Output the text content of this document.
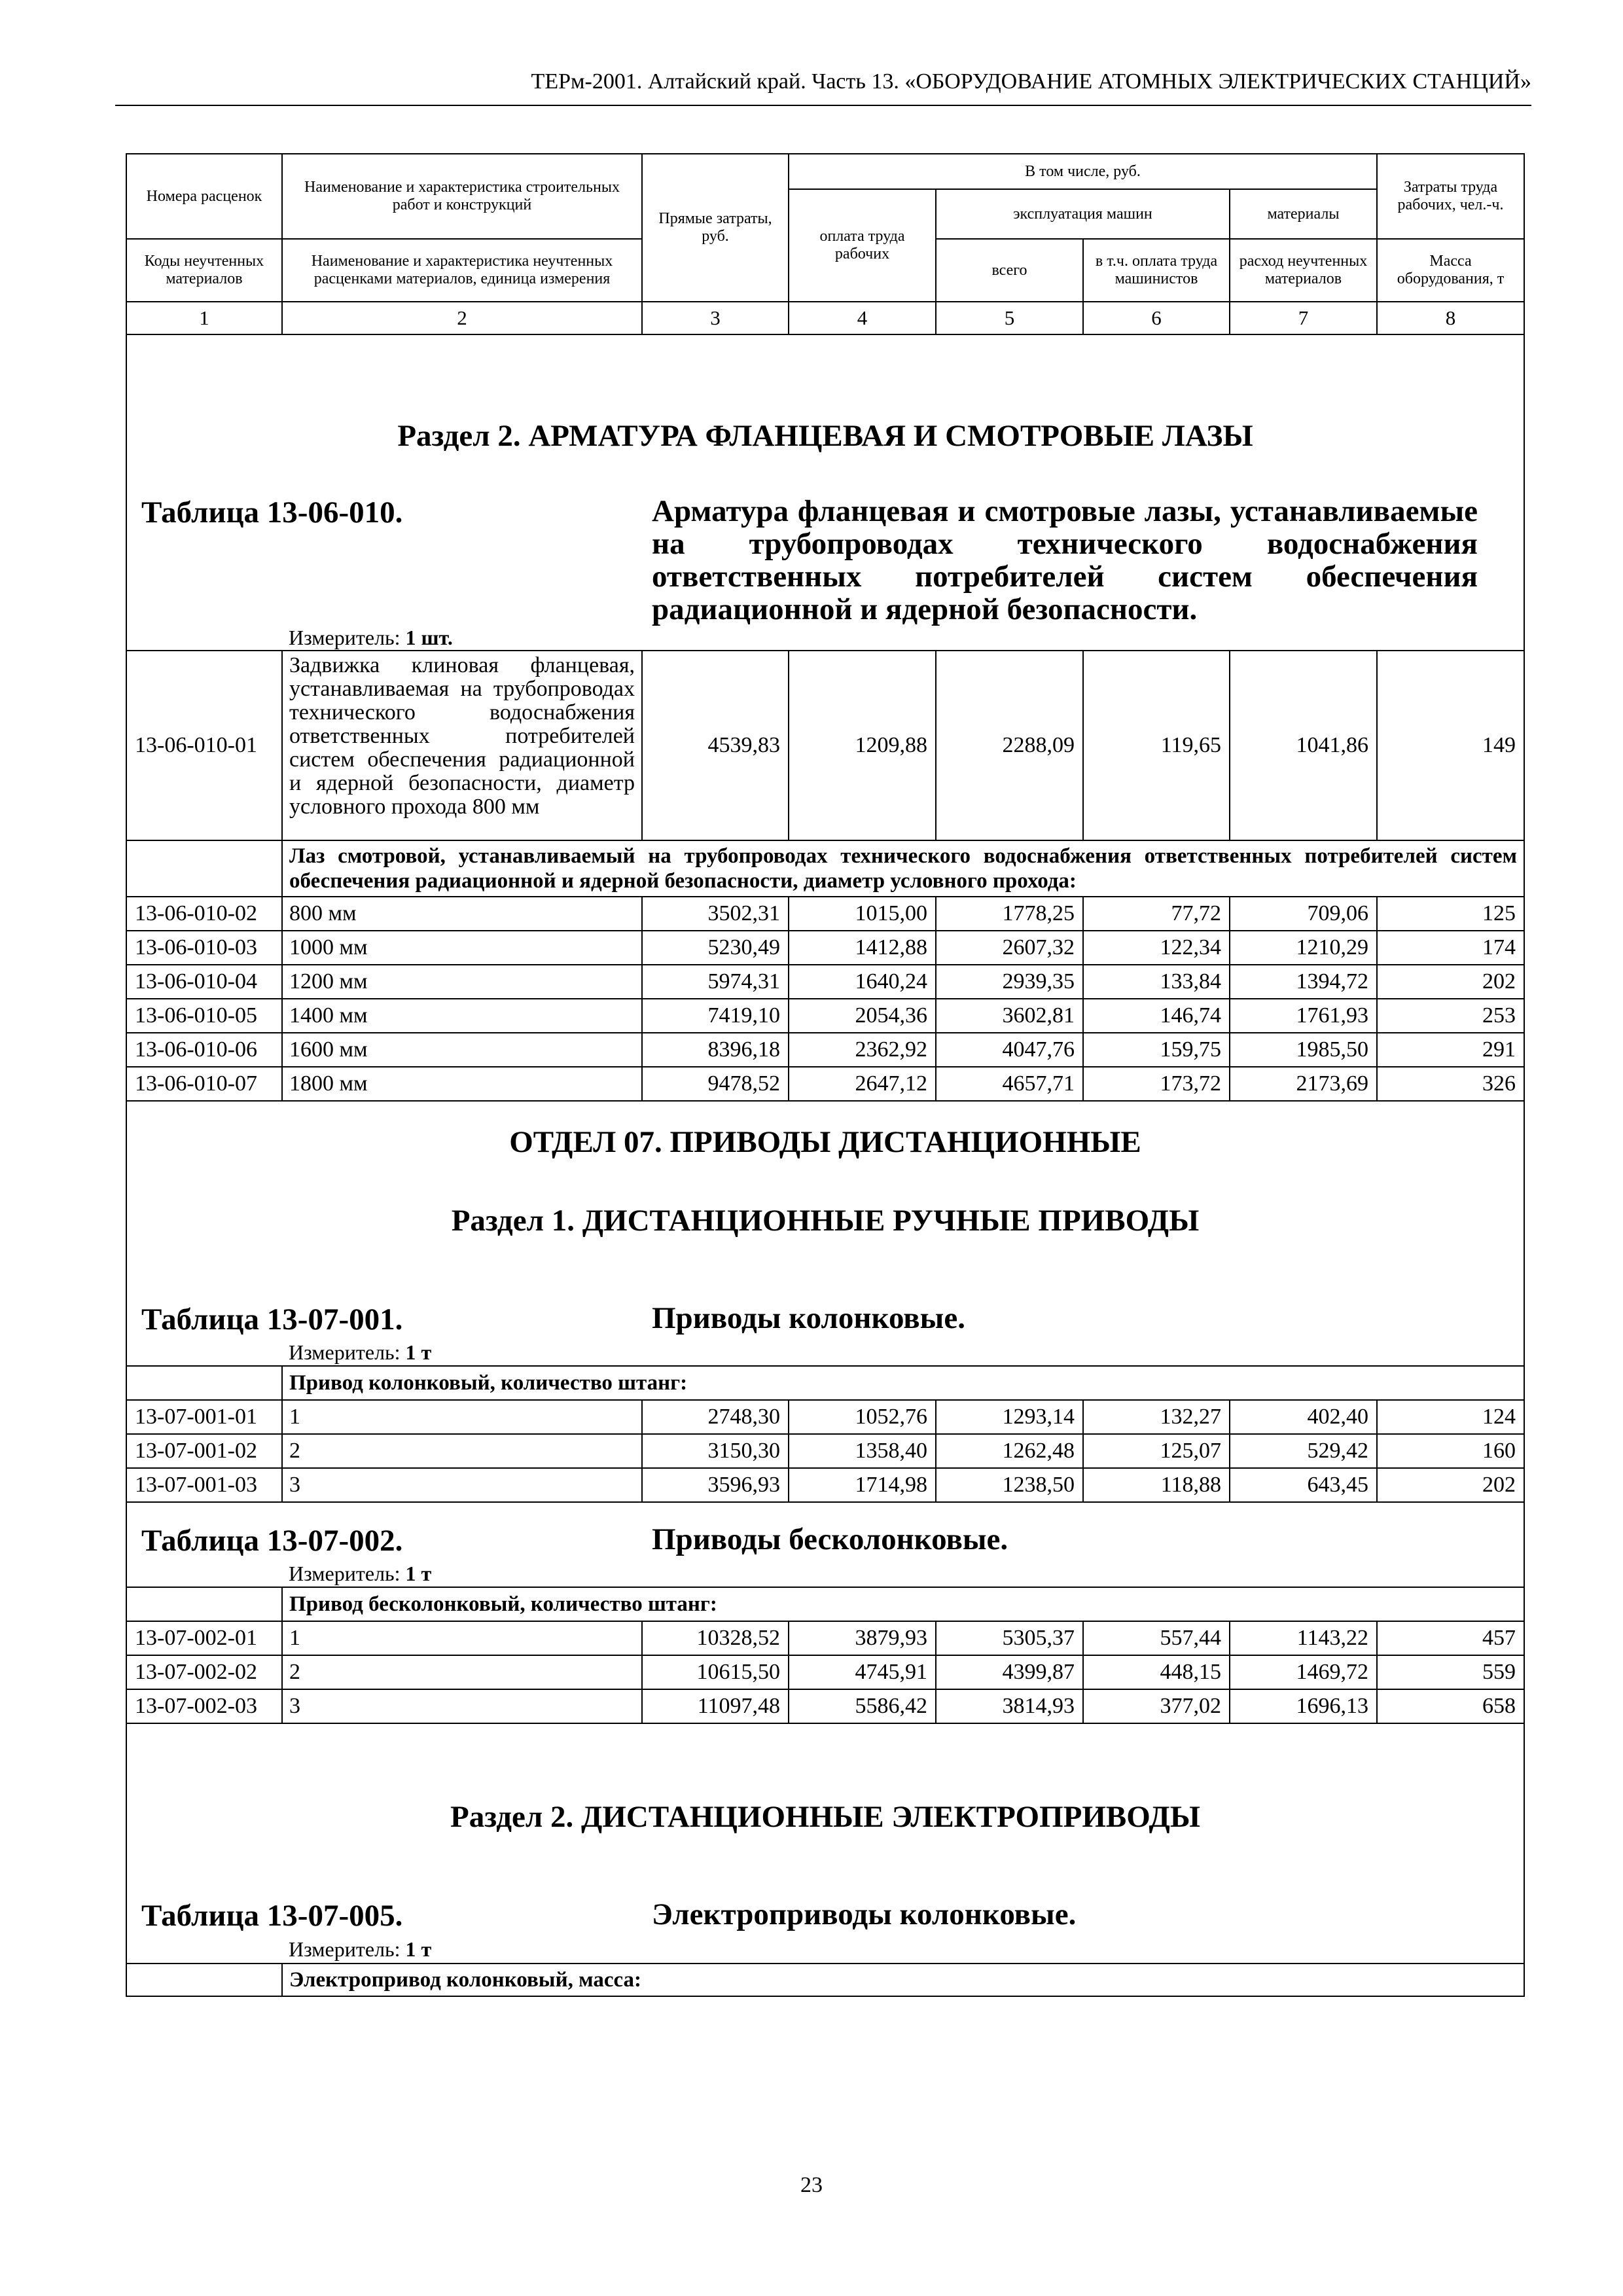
ТЕРм-2001. Алтайский край. Часть 13. «ОБОРУДОВАНИЕ АТОМНЫХ ЭЛЕКТРИЧЕСКИХ СТАНЦИЙ»
Номера расценок	Наименование и характеристика строительных работ и конструкций	Прямые затраты, руб.	В том числе, руб.				Затраты труда рабочих, чел.-ч.
			оплата труда рабочих	эксплуатация машин		материалы	
Коды неучтенных материалов	Наименование и характеристика неучтенных расценками материалов, единица измерения			всего	в т.ч. оплата труда машинистов	расход неучтенных материалов	Масса оборудования, т
1	2	3	4	5	6	7	8
Раздел 2. АРМАТУРА ФЛАНЦЕВАЯ И СМОТРОВЫЕ ЛАЗЫ							

Таблица 13-06-010. Арматура фланцевая и смотровые лазы, устанавливаемые на трубопроводах технического водоснабжения ответственных потребителей систем обеспечения радиационной и ядерной безопасности.							

	Измеритель: 1 шт.						
13-06-010-01	Задвижка клиновая фланцевая, устанавливаемая на трубопроводах технического водоснабжения ответственных потребителей систем обеспечения радиационной и ядерной безопасности, диаметр условного прохода 800 мм	4539,83	1209,88	2288,09	119,65	1041,86	149
	Лаз смотровой, устанавливаемый на трубопроводах технического водоснабжения ответственных потребителей систем обеспечения радиационной и ядерной безопасности, диаметр условного прохода:						
13-06-010-02	800 мм	3502,31	1015,00	1778,25	77,72	709,06	125
13-06-010-03	1000 мм	5230,49	1412,88	2607,32	122,34	1210,29	174
13-06-010-04	1200 мм	5974,31	1640,24	2939,35	133,84	1394,72	202
13-06-010-05	1400 мм	7419,10	2054,36	3602,81	146,74	1761,93	253
13-06-010-06	1600 мм	8396,18	2362,92	4047,76	159,75	1985,50	291
13-06-010-07	1800 мм	9478,52	2647,12	4657,71	173,72	2173,69	326
ОТДЕЛ 07. ПРИВОДЫ ДИСТАНЦИОННЫЕ							
Раздел 1. ДИСТАНЦИОННЫЕ РУЧНЫЕ ПРИВОДЫ							

Таблица 13-07-001. Приводы колонковые.							

	Измеритель: 1 т						
	Привод колонковый, количество штанг:						
13-07-001-01	1	2748,30	1052,76	1293,14	132,27	402,40	124
13-07-001-02	2	3150,30	1358,40	1262,48	125,07	529,42	160
13-07-001-03	3	3596,93	1714,98	1238,50	118,88	643,45	202

Таблица 13-07-002. Приводы бесколонковые.							

	Измеритель: 1 т						
	Привод бесколонковый, количество штанг:						
13-07-002-01	1	10328,52	3879,93	5305,37	557,44	1143,22	457
13-07-002-02	2	10615,50	4745,91	4399,87	448,15	1469,72	559
13-07-002-03	3	11097,48	5586,42	3814,93	377,02	1696,13	658
Раздел 2. ДИСТАНЦИОННЫЕ ЭЛЕКТРОПРИВОДЫ							

Таблица 13-07-005. Электроприводы колонковые.							

	Измеритель: 1 т						
	Электропривод колонковый, масса:						
23
